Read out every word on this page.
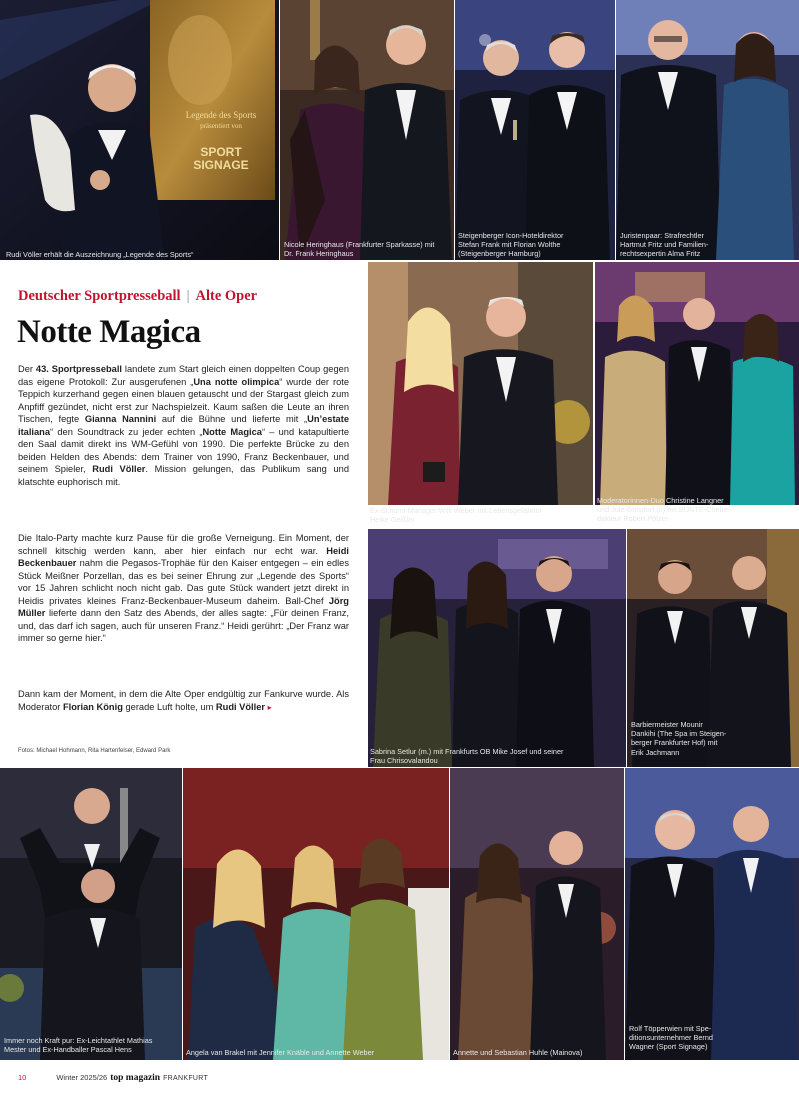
Rudi Völler erhält die Auszeichnung „Legende des Sports“
Nicole Heringhaus (Frankfurter Sparkasse) mit
Dr. Frank Heringhaus
Steigenberger Icon-Hoteldirektor
Stefan Frank mit Florian Wolthe
(Steigenberger Hamburg)
Juristenpaar: Strafrechtler
Hartmut Fritz und Familien-
rechtsexpertin Alma Fritz
Legende des Sports
präsentiert von
SPORT
SIGNAGE
Deutscher Sportpresseball | Alte Oper
Notte Magica
Der 43. Sportpresseball landete zum Start gleich einen doppelten Coup gegen das eigene Protokoll: Zur ausgerufenen „Una notte olimpica“ wurde der rote Teppich kurzerhand gegen einen blauen getauscht und der Stargast gleich zum Anpfiff gezündet, nicht erst zur Nachspielzeit. Kaum saßen die Leute an ihren Tischen, fegte Gianna Nannini auf die Bühne und lieferte mit „Un’estate italiana“ den Soundtrack zu jeder echten „Notte Magica“ – und katapultierte den Saal damit direkt ins WM-Gefühl von 1990. Die perfekte Brücke zu den beiden Helden des Abends: dem Trainer von 1990, Franz Beckenbauer, und seinem Spieler, Rudi Völler. Mission gelungen, das Publikum sang und klatschte euphorisch mit.
Die Italo-Party machte kurz Pause für die große Verneigung. Ein Moment, der schnell kitschig werden kann, aber hier einfach nur echt war. Heidi Beckenbauer nahm die Pegasos-Trophäe für den Kaiser entgegen – ein edles Stück Meißner Porzellan, das es bei seiner Ehrung zur „Legende des Sports“ vor 15 Jahren schlicht noch nicht gab. Das gute Stück wandert jetzt direkt in Heidis privates kleines Franz-Beckenbauer-Museum daheim. Ball-Chef Jörg Müller lieferte dann den Satz des Abends, der alles sagte: „Für deinen Franz, und, das darf ich sagen, auch für unseren Franz.“ Heidi gerührt: „Der Franz war immer so gerne hier.“
Dann kam der Moment, in dem die Alte Oper endgültig zur Fankurve wurde. Als Moderator Florian König gerade Luft holte, um Rudi Völler ▸
Fotos: Michael Hohmann, Rita Hartenfelser, Edward Park
Ex-Schumi-Manager Willi Weber mit Lebensgefährtin
Heike Geißler
Moderatorinnen-Duo Christine Langner
und Jule Gölsdorf (r.) mit BUNTE-Chefre-
dakteur Robert Pölzer
Sabrina Setlur (m.) mit Frankfurts OB Mike Josef und seiner
Frau Chrisovalandou
Barbiermeister Mounir
Dankihi (The Spa im Steigen-
berger Frankfurter Hof) mit
Erik Jachmann
Immer noch Kraft pur: Ex-Leichtathlet Mathias
Mester und Ex-Handballer Pascal Hens	Angela van Brakel mit Jennifer Knäble und Annette Weber	Annette und Sebastian Huhle (Mainova)
Rolf Töpperwien mit Spe-
ditionsunternehmer Bernd
Wagner (Sport Signage)
10	Winter 2025/26 top magazin FRANKFURT
